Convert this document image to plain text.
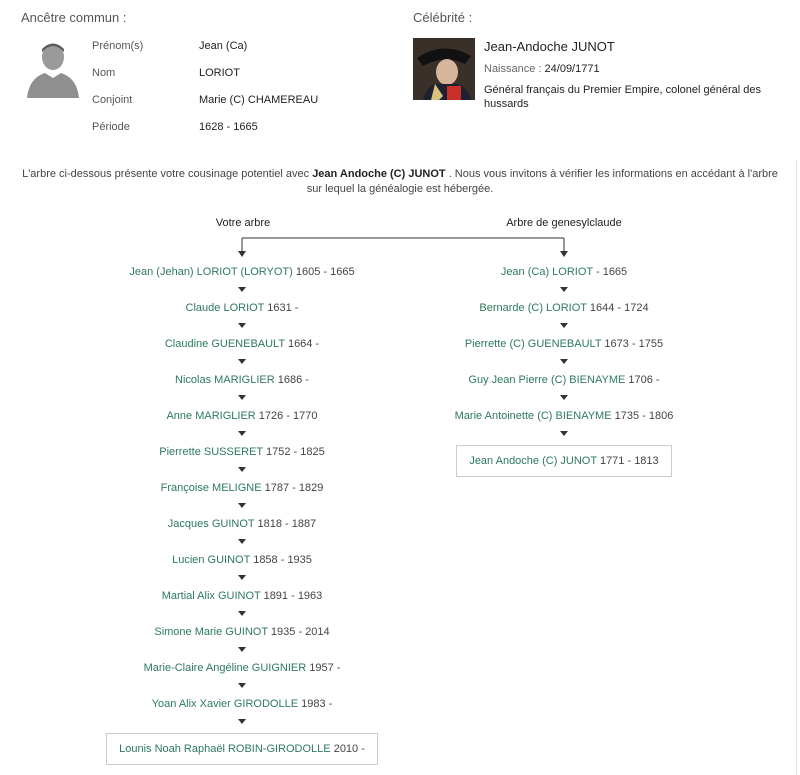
Ancêtre commun :	Célébrité :
Prénom(s)	Jean (Ca)
Nom	LORIOT
Conjoint	Marie (C) CHAMEREAU
Période	1628 - 1665
Jean-Andoche JUNOT
Naissance : 24/09/1771
Général français du Premier Empire, colonel général des hussards
L'arbre ci-dessous présente votre cousinage potentiel avec Jean Andoche (C) JUNOT . Nous vous invitons à vérifier les informations en accédant à l'arbre sur lequel la généalogie est hébergée.
Votre arbre	Arbre de genesylclaude
Jean (Jehan) LORIOT (LORYOT) 1605 - 1665
Claude LORIOT 1631 -
Claudine GUENEBAULT 1664 -
Nicolas MARIGLIER 1686 -
Anne MARIGLIER 1726 - 1770
Pierrette SUSSERET 1752 - 1825
Françoise MELIGNE 1787 - 1829
Jacques GUINOT 1818 - 1887
Lucien GUINOT 1858 - 1935
Martial Alix GUINOT 1891 - 1963
Simone Marie GUINOT 1935 - 2014
Marie-Claire Angéline GUIGNIER 1957 -
Yoan Alix Xavier GIRODOLLE 1983 -
Lounis Noah Raphaël ROBIN-GIRODOLLE 2010 -
Jean (Ca) LORIOT - 1665
Bernarde (C) LORIOT 1644 - 1724
Pierrette (C) GUENEBAULT 1673 - 1755
Guy Jean Pierre (C) BIENAYME 1706 -
Marie Antoinette (C) BIENAYME 1735 - 1806
Jean Andoche (C) JUNOT 1771 - 1813
